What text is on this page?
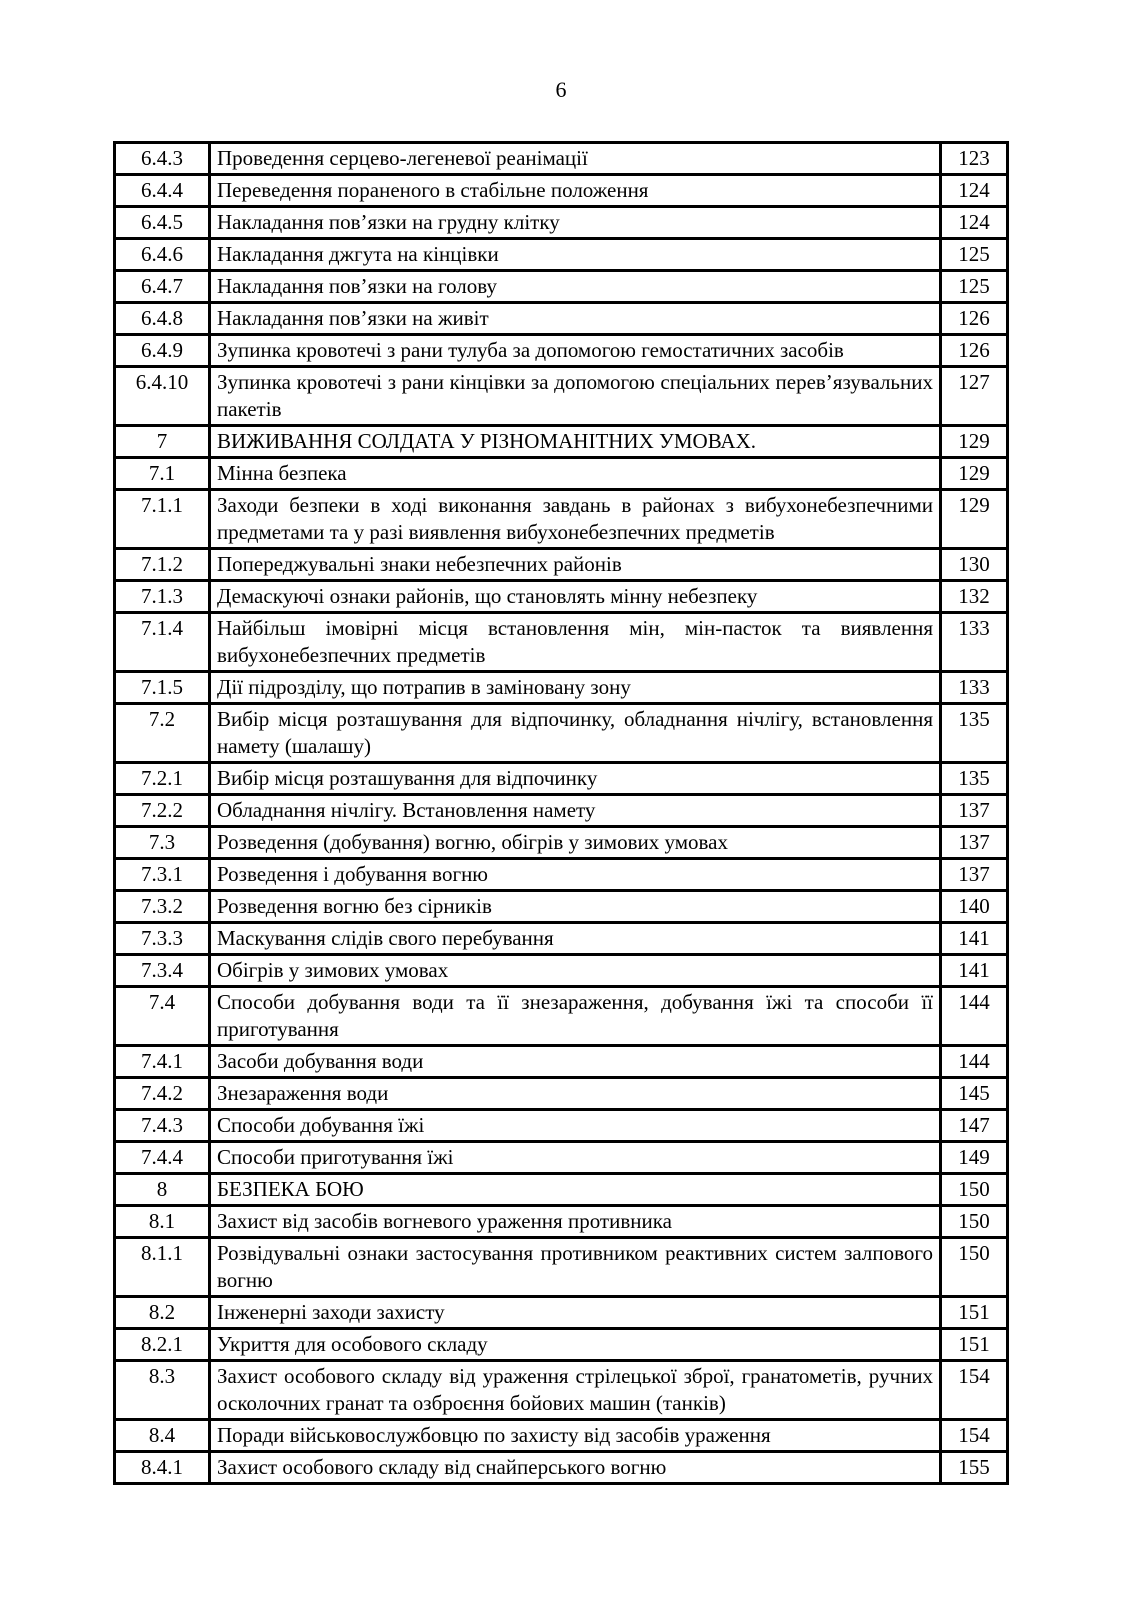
6
6.4.3	Проведення серцево-легеневої реанімації	123
6.4.4	Переведення пораненого в стабільне положення	124
6.4.5	Накладання пов’язки на грудну клітку	124
6.4.6	Накладання джгута на кінцівки	125
6.4.7	Накладання пов’язки на голову	125
6.4.8	Накладання пов’язки на живіт	126
6.4.9	Зупинка кровотечі з рани тулуба за допомогою гемостатичних засобів	126
6.4.10	Зупинка кровотечі з рани кінцівки за допомогою спеціальних перев’язувальних пакетів	127
7	ВИЖИВАННЯ СОЛДАТА У РІЗНОМАНІТНИХ УМОВАХ.	129
7.1	Мінна безпека	129
7.1.1	Заходи безпеки в ході виконання завдань в районах з вибухонебезпечними предметами та у разі виявлення вибухонебезпечних предметів	129
7.1.2	Попереджувальні знаки небезпечних районів	130
7.1.3	Демаскуючі ознаки районів, що становлять мінну небезпеку	132
7.1.4	Найбільш імовірні місця встановлення мін, мін-пасток та виявлення вибухонебезпечних предметів	133
7.1.5	Дії підрозділу, що потрапив в заміновану зону	133
7.2	Вибір місця розташування для відпочинку, обладнання нічлігу, встановлення намету (шалашу)	135
7.2.1	Вибір місця розташування для відпочинку	135
7.2.2	Обладнання нічлігу. Встановлення намету	137
7.3	Розведення (добування) вогню, обігрів у зимових умовах	137
7.3.1	Розведення і добування вогню	137
7.3.2	Розведення вогню без сірників	140
7.3.3	Маскування слідів свого перебування	141
7.3.4	Обігрів у зимових умовах	141
7.4	Способи добування води та її знезараження, добування їжі та способи її приготування	144
7.4.1	Засоби добування води	144
7.4.2	Знезараження води	145
7.4.3	Способи добування їжі	147
7.4.4	Способи приготування їжі	149
8	БЕЗПЕКА БОЮ	150
8.1	Захист від засобів вогневого ураження противника	150
8.1.1	Розвідувальні ознаки застосування противником реактивних систем залпового вогню	150
8.2	Інженерні заходи захисту	151
8.2.1	Укриття для особового складу	151
8.3	Захист особового складу від ураження стрілецької зброї, гранатометів, ручних осколочних гранат та озброєння бойових машин (танків)	154
8.4	Поради військовослужбовцю по захисту від засобів ураження	154
8.4.1	Захист особового складу від снайперського вогню	155
